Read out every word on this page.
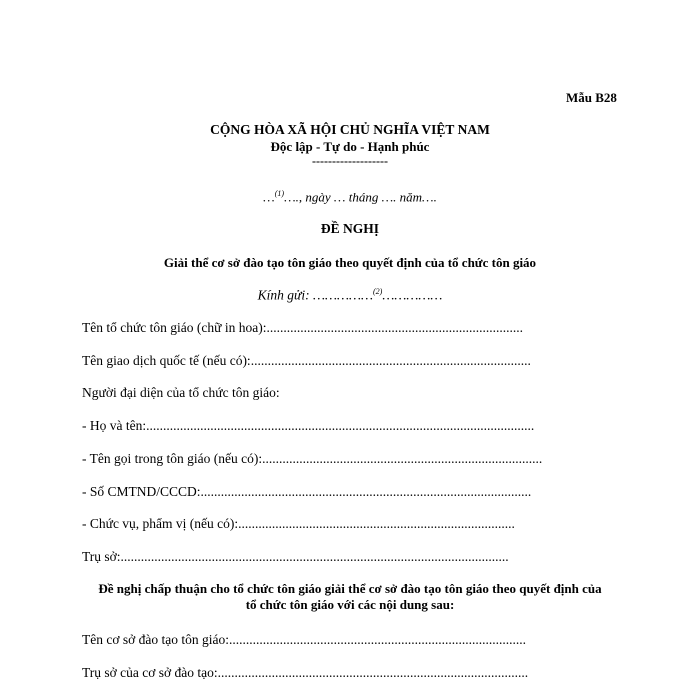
Mẫu B28
CỘNG HÒA XÃ HỘI CHỦ NGHĨA VIỆT NAM
Độc lập - Tự do - Hạnh phúc
-------------------
…$^{(1)}$…., ngày … tháng …. năm….
ĐỀ NGHỊ
Giải thể cơ sở đào tạo tôn giáo theo quyết định của tổ chức tôn giáo
Kính gửi: ……………$^{(2)}$……………
Tên tổ chức tôn giáo (chữ in hoa):............................................................................
Tên giao dịch quốc tế (nếu có):...................................................................................
Người đại diện của tổ chức tôn giáo:
- Họ và tên:...................................................................................................................
- Tên gọi trong tôn giáo (nếu có):...................................................................................
- Số CMTND/CCCD:..................................................................................................
- Chức vụ, phẩm vị (nếu có):..................................................................................
Trụ sở:...................................................................................................................
Đề nghị chấp thuận cho tổ chức tôn giáo giải thể cơ sở đào tạo tôn giáo theo quyết định của
tổ chức tôn giáo với các nội dung sau:
Tên cơ sở đào tạo tôn giáo:........................................................................................
Trụ sở của cơ sở đào tạo:............................................................................................
